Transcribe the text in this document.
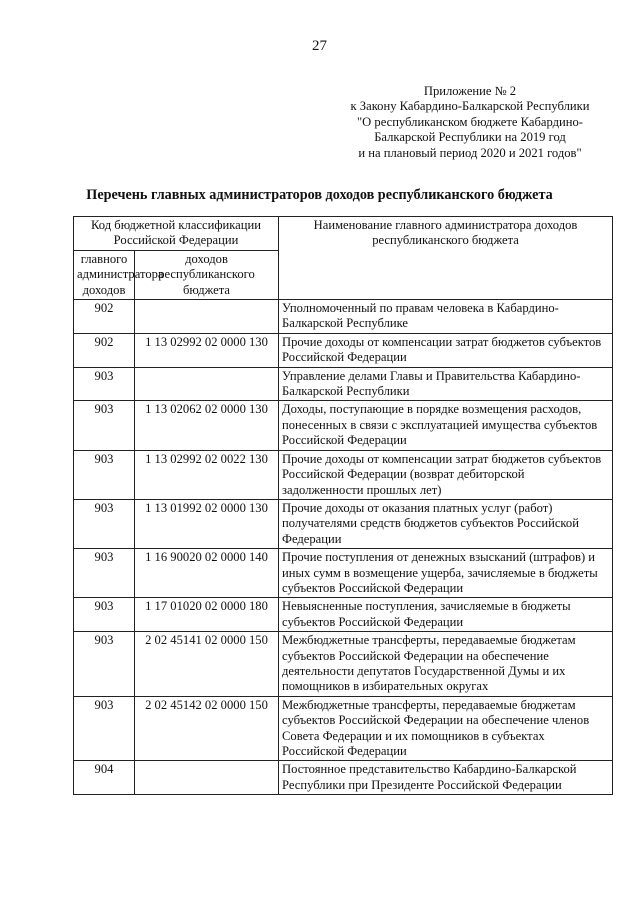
27
Приложение № 2
к Закону Кабардино-Балкарской Республики
"О республиканском бюджете Кабардино-
Балкарской Республики на 2019 год
и на плановый период 2020 и 2021 годов"
Перечень главных администраторов доходов республиканского бюджета
Код бюджетной классификации Российской Федерации		Наименование главного администратора доходов республиканского бюджета
главного администратора доходов	доходов республиканского бюджета	
902		Уполномоченный по правам человека в Кабардино-Балкарской Республике
902	1 13 02992 02 0000 130	Прочие доходы от компенсации затрат бюджетов субъектов Российской Федерации
903		Управление делами Главы и Правительства Кабардино-Балкарской Республики
903	1 13 02062 02 0000 130	Доходы, поступающие в порядке возмещения расходов, понесенных в связи с эксплуатацией имущества субъектов Российской Федерации
903	1 13 02992 02 0022 130	Прочие доходы от компенсации затрат бюджетов субъектов Российской Федерации (возврат дебиторской задолженности прошлых лет)
903	1 13 01992 02 0000 130	Прочие доходы от оказания платных услуг (работ) получателями средств бюджетов субъектов Российской Федерации
903	1 16 90020 02 0000 140	Прочие поступления от денежных взысканий (штрафов) и иных сумм в возмещение ущерба, зачисляемые в бюджеты субъектов Российской Федерации
903	1 17 01020 02 0000 180	Невыясненные поступления, зачисляемые в бюджеты субъектов Российской Федерации
903	2 02 45141 02 0000 150	Межбюджетные трансферты, передаваемые бюджетам субъектов Российской Федерации на обеспечение деятельности депутатов Государственной Думы и их помощников в избирательных округах
903	2 02 45142 02 0000 150	Межбюджетные трансферты, передаваемые бюджетам субъектов Российской Федерации на обеспечение членов Совета Федерации и их помощников в субъектах Российской Федерации
904		Постоянное представительство Кабардино-Балкарской Республики при Президенте Российской Федерации
